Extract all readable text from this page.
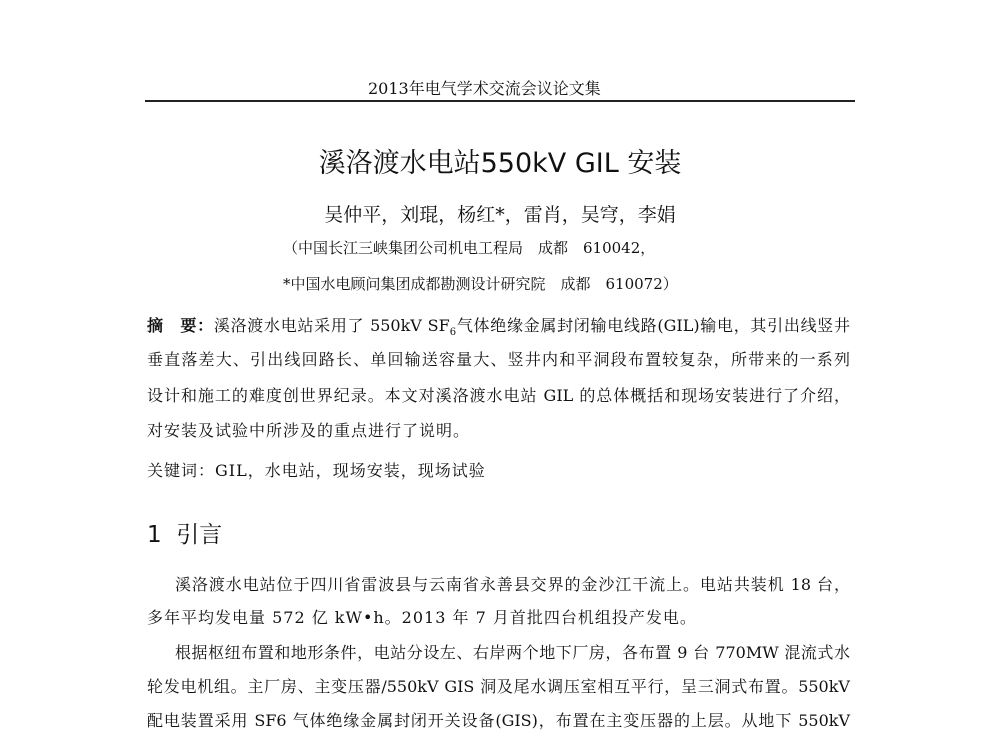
2013年电气学术交流会议论文集
溪洛渡水电站550kV GIL 安装
吴仲平，刘琨，杨红*，雷肖，吴穹，李娟
（中国长江三峡集团公司机电工程局　成都　610042，
*中国水电顾问集团成都勘测设计研究院　成都　610072）
摘　要：溪洛渡水电站采用了 550kV $SF_6$气体绝缘金属封闭输电线路(GIL)输电，其引出线竖井
垂直落差大、引出线回路长、单回输送容量大、竖井内和平洞段布置较复杂，所带来的一系列
设计和施工的难度创世界纪录。本文对溪洛渡水电站 GIL 的总体概括和现场安装进行了介绍，
对安装及试验中所涉及的重点进行了说明。
关键词：GIL，水电站，现场安装，现场试验
1  引言
溪洛渡水电站位于四川省雷波县与云南省永善县交界的金沙江干流上。电站共装机 18 台，
多年平均发电量 572 亿 kW•h。2013 年 7 月首批四台机组投产发电。
根据枢纽布置和地形条件，电站分设左、右岸两个地下厂房，各布置 9 台 770MW 混流式水
轮发电机组。主厂房、主变压器/550kV GIS 洞及尾水调压室相互平行，呈三洞式布置。550kV
配电装置采用 SF6 气体绝缘金属封闭开关设备(GIS)，布置在主变压器的上层。从地下 550kV
